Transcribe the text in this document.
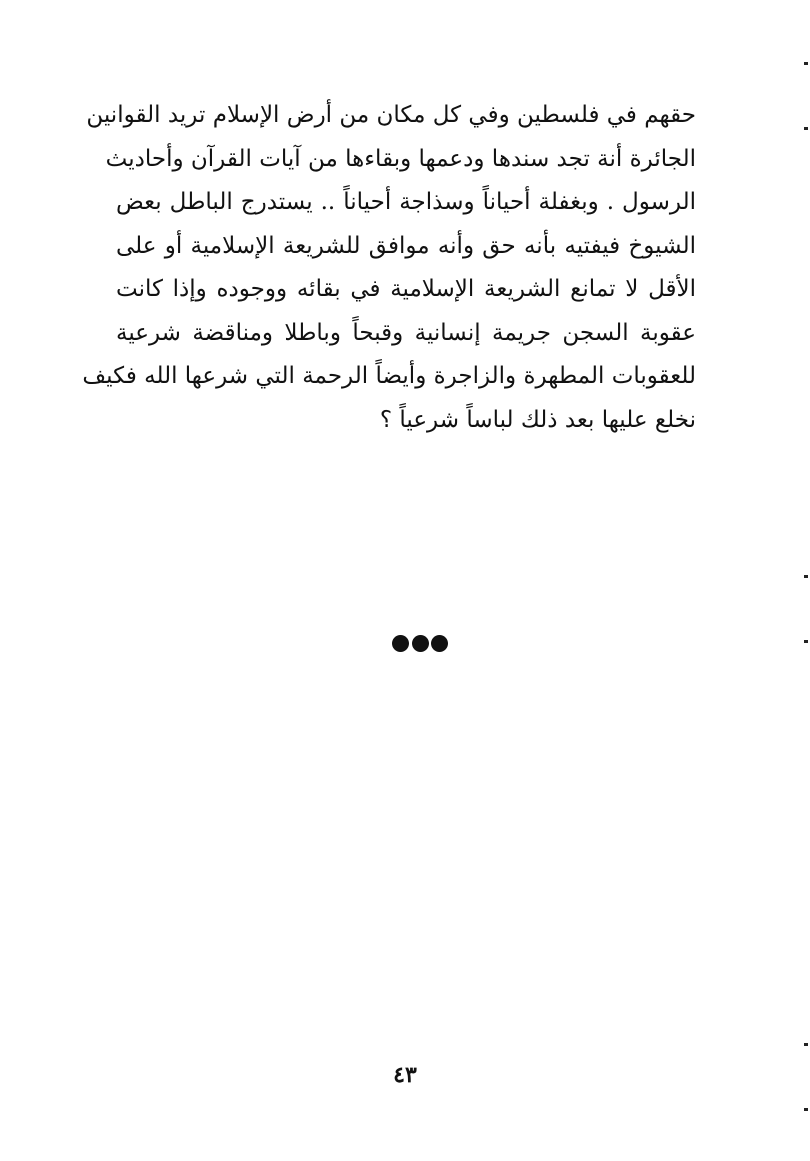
حقهم في فلسطين وفي كل مكان من أرض الإسلام تريد القوانين
الجائرة أنة تجد سندها ودعمها وبقاءها من آيات القرآن وأحاديث
الرسول . وبغفلة أحياناً وسذاجة أحياناً .. يستدرج الباطل بعض
الشيوخ فيفتيه بأنه حق وأنه موافق للشريعة الإسلامية أو على
الأقل لا تمانع الشريعة الإسلامية في بقائه ووجوده وإذا كانت
عقوبة السجن جريمة إنسانية وقبحاً وباطلا ومناقضة شرعية
للعقوبات المطهرة والزاجرة وأيضاً الرحمة التي شرعها الله فكيف
نخلع عليها بعد ذلك لباساً شرعياً ؟
٤٣
